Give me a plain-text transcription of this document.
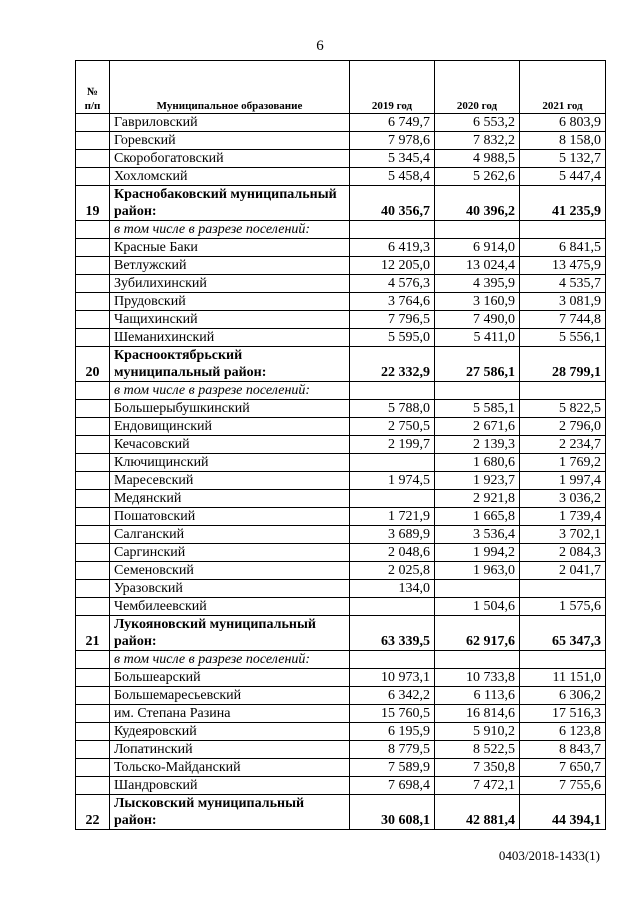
6
№
п/п	Муниципальное образование	2019 год	2020 год	2021 год
	Гавриловский	6 749,7	6 553,2	6 803,9
	Горевский	7 978,6	7 832,2	8 158,0
	Скоробогатовский	5 345,4	4 988,5	5 132,7
	Хохломский	5 458,4	5 262,6	5 447,4
19	Краснобаковский муниципальный район:	40 356,7	40 396,2	41 235,9
	в том числе в разрезе поселений:			
	Красные Баки	6 419,3	6 914,0	6 841,5
	Ветлужский	12 205,0	13 024,4	13 475,9
	Зубилихинский	4 576,3	4 395,9	4 535,7
	Прудовский	3 764,6	3 160,9	3 081,9
	Чащихинский	7 796,5	7 490,0	7 744,8
	Шеманихинский	5 595,0	5 411,0	5 556,1
20	Краснооктябрьский муниципальный район:	22 332,9	27 586,1	28 799,1
	в том числе в разрезе поселений:			
	Большерыбушкинский	5 788,0	5 585,1	5 822,5
	Ендовищинский	2 750,5	2 671,6	2 796,0
	Кечасовский	2 199,7	2 139,3	2 234,7
	Ключищинский		1 680,6	1 769,2
	Маресевский	1 974,5	1 923,7	1 997,4
	Медянский		2 921,8	3 036,2
	Пошатовский	1 721,9	1 665,8	1 739,4
	Салганский	3 689,9	3 536,4	3 702,1
	Саргинский	2 048,6	1 994,2	2 084,3
	Семеновский	2 025,8	1 963,0	2 041,7
	Уразовский	134,0		
	Чембилеевский		1 504,6	1 575,6
21	Лукояновский муниципальный район:	63 339,5	62 917,6	65 347,3
	в том числе в разрезе поселений:			
	Большеарский	10 973,1	10 733,8	11 151,0
	Большемаресьевский	6 342,2	6 113,6	6 306,2
	им. Степана Разина	15 760,5	16 814,6	17 516,3
	Кудеяровский	6 195,9	5 910,2	6 123,8
	Лопатинский	8 779,5	8 522,5	8 843,7
	Тольско-Майданский	7 589,9	7 350,8	7 650,7
	Шандровский	7 698,4	7 472,1	7 755,6
22	Лысковский муниципальный район:	30 608,1	42 881,4	44 394,1
0403/2018-1433(1)
